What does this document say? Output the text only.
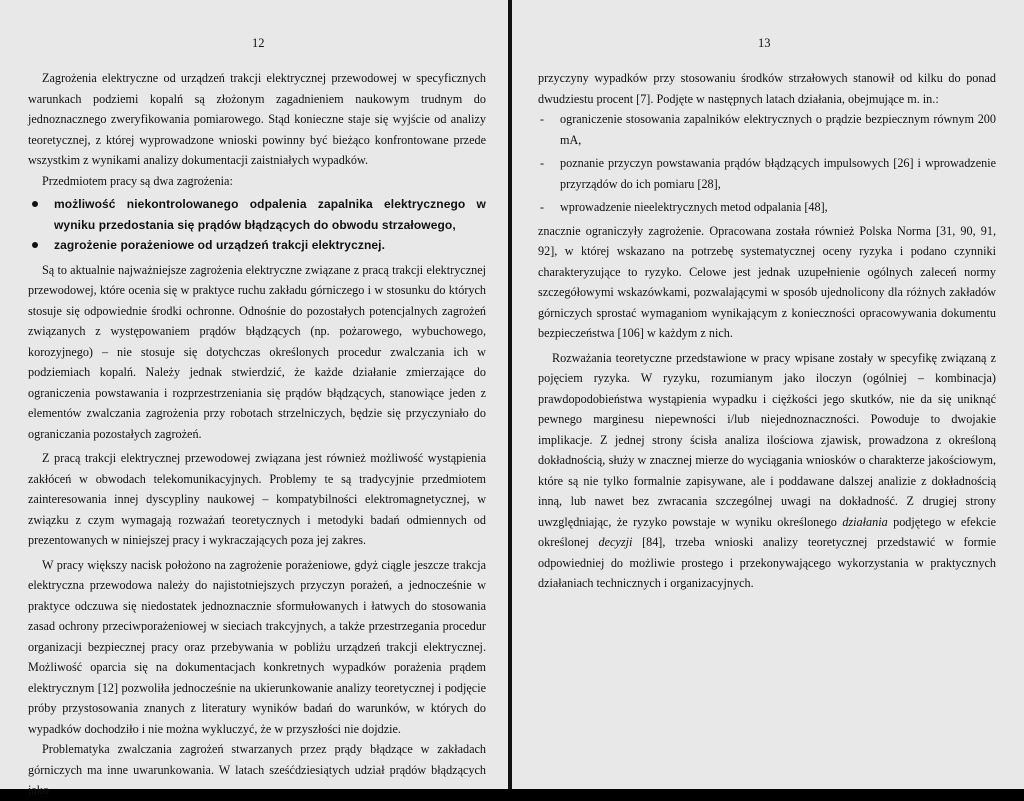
12

Zagrożenia elektryczne od urządzeń trakcji elektrycznej przewodowej w specyficznych warunkach podziemi kopalń są złożonym zagadnieniem naukowym trudnym do jednoznacznego zweryfikowania pomiarowego. Stąd konieczne staje się wyjście od analizy teoretycznej, z której wyprowadzone wnioski powinny być bieżąco konfrontowane przede wszystkim z wynikami analizy dokumentacji zaistniałych wypadków.

Przedmiotem pracy są dwa zagrożenia:

możliwość niekontrolowanego odpalenia zapalnika elektrycznego w wyniku przedostania się prądów błądzących do obwodu strzałowego,
zagrożenie porażeniowe od urządzeń trakcji elektrycznej.

Są to aktualnie najważniejsze zagrożenia elektryczne związane z pracą trakcji elektrycznej przewodowej, które ocenia się w praktyce ruchu zakładu górniczego i w stosunku do których stosuje się odpowiednie środki ochronne. Odnośnie do pozostałych potencjalnych zagrożeń związanych z występowaniem prądów błądzących (np. pożarowego, wybuchowego, korozyjnego) – nie stosuje się dotychczas określonych procedur zwalczania ich w podziemiach kopalń. Należy jednak stwierdzić, że każde działanie zmierzające do ograniczenia powstawania i rozprzestrzeniania się prądów błądzących, stanowiące jeden z elementów zwalczania zagrożenia przy robotach strzelniczych, będzie się przyczyniało do ograniczania pozostałych zagrożeń.

Z pracą trakcji elektrycznej przewodowej związana jest również możliwość wystąpienia zakłóceń w obwodach telekomunikacyjnych. Problemy te są tradycyjnie przedmiotem zainteresowania innej dyscypliny naukowej – kompatybilności elektromagnetycznej, w związku z czym wymagają rozważań teoretycznych i metodyki badań odmiennych od prezentowanych w niniejszej pracy i wykraczających poza jej zakres.

W pracy większy nacisk położono na zagrożenie porażeniowe, gdyż ciągle jeszcze trakcja elektryczna przewodowa należy do najistotniejszych przyczyn porażeń, a jednocześnie w praktyce odczuwa się niedostatek jednoznacznie sformułowanych i łatwych do stosowania zasad ochrony przeciwporażeniowej w sieciach trakcyjnych, a także przestrzegania procedur organizacji bezpiecznej pracy oraz przebywania w pobliżu urządzeń trakcji elektrycznej. Możliwość oparcia się na dokumentacjach konkretnych wypadków porażenia prądem elektrycznym [12] pozwoliła jednocześnie na ukierunkowanie analizy teoretycznej i podjęcie próby przystosowania znanych z literatury wyników badań do warunków, w których do wypadków dochodziło i nie można wykluczyć, że w przyszłości nie dojdzie.

Problematyka zwalczania zagrożeń stwarzanych przez prądy błądzące w zakładach górniczych ma inne uwarunkowania. W latach sześćdziesiątych udział prądów błądzących jako

13

przyczyny wypadków przy stosowaniu środków strzałowych stanowił od kilku do ponad dwudziestu procent [7]. Podjęte w następnych latach działania, obejmujące m. in.:

- ograniczenie stosowania zapalników elektrycznych o prądzie bezpiecznym równym 200 mA,
- poznanie przyczyn powstawania prądów błądzących impulsowych [26] i wprowadzenie przyrządów do ich pomiaru [28],
- wprowadzenie nieelektrycznych metod odpalania [48],

znacznie ograniczyły zagrożenie. Opracowana została również Polska Norma [31, 90, 91, 92], w której wskazano na potrzebę systematycznej oceny ryzyka i podano czynniki charakteryzujące to ryzyko. Celowe jest jednak uzupełnienie ogólnych zaleceń normy szczegółowymi wskazówkami, pozwalającymi w sposób ujednolicony dla różnych zakładów górniczych sprostać wymaganiom wynikającym z konieczności opracowywania dokumentu bezpieczeństwa [106] w każdym z nich.

Rozważania teoretyczne przedstawione w pracy wpisane zostały w specyfikę związaną z pojęciem ryzyka. W ryzyku, rozumianym jako iloczyn (ogólniej – kombinacja) prawdopodobieństwa wystąpienia wypadku i ciężkości jego skutków, nie da się uniknąć pewnego marginesu niepewności i/lub niejednoznaczności. Powoduje to dwojakie implikacje. Z jednej strony ścisła analiza ilościowa zjawisk, prowadzona z określoną dokładnością, służy w znacznej mierze do wyciągania wniosków o charakterze jakościowym, które są nie tylko formalnie zapisywane, ale i poddawane dalszej analizie z dokładnością inną, lub nawet bez zwracania szczególnej uwagi na dokładność. Z drugiej strony uwzględniając, że ryzyko powstaje w wyniku określonego działania podjętego w efekcie określonej decyzji [84], trzeba wnioski analizy teoretycznej przedstawić w formie odpowiedniej do możliwie prostego i przekonywającego wykorzystania w praktycznych działaniach technicznych i organizacyjnych.
